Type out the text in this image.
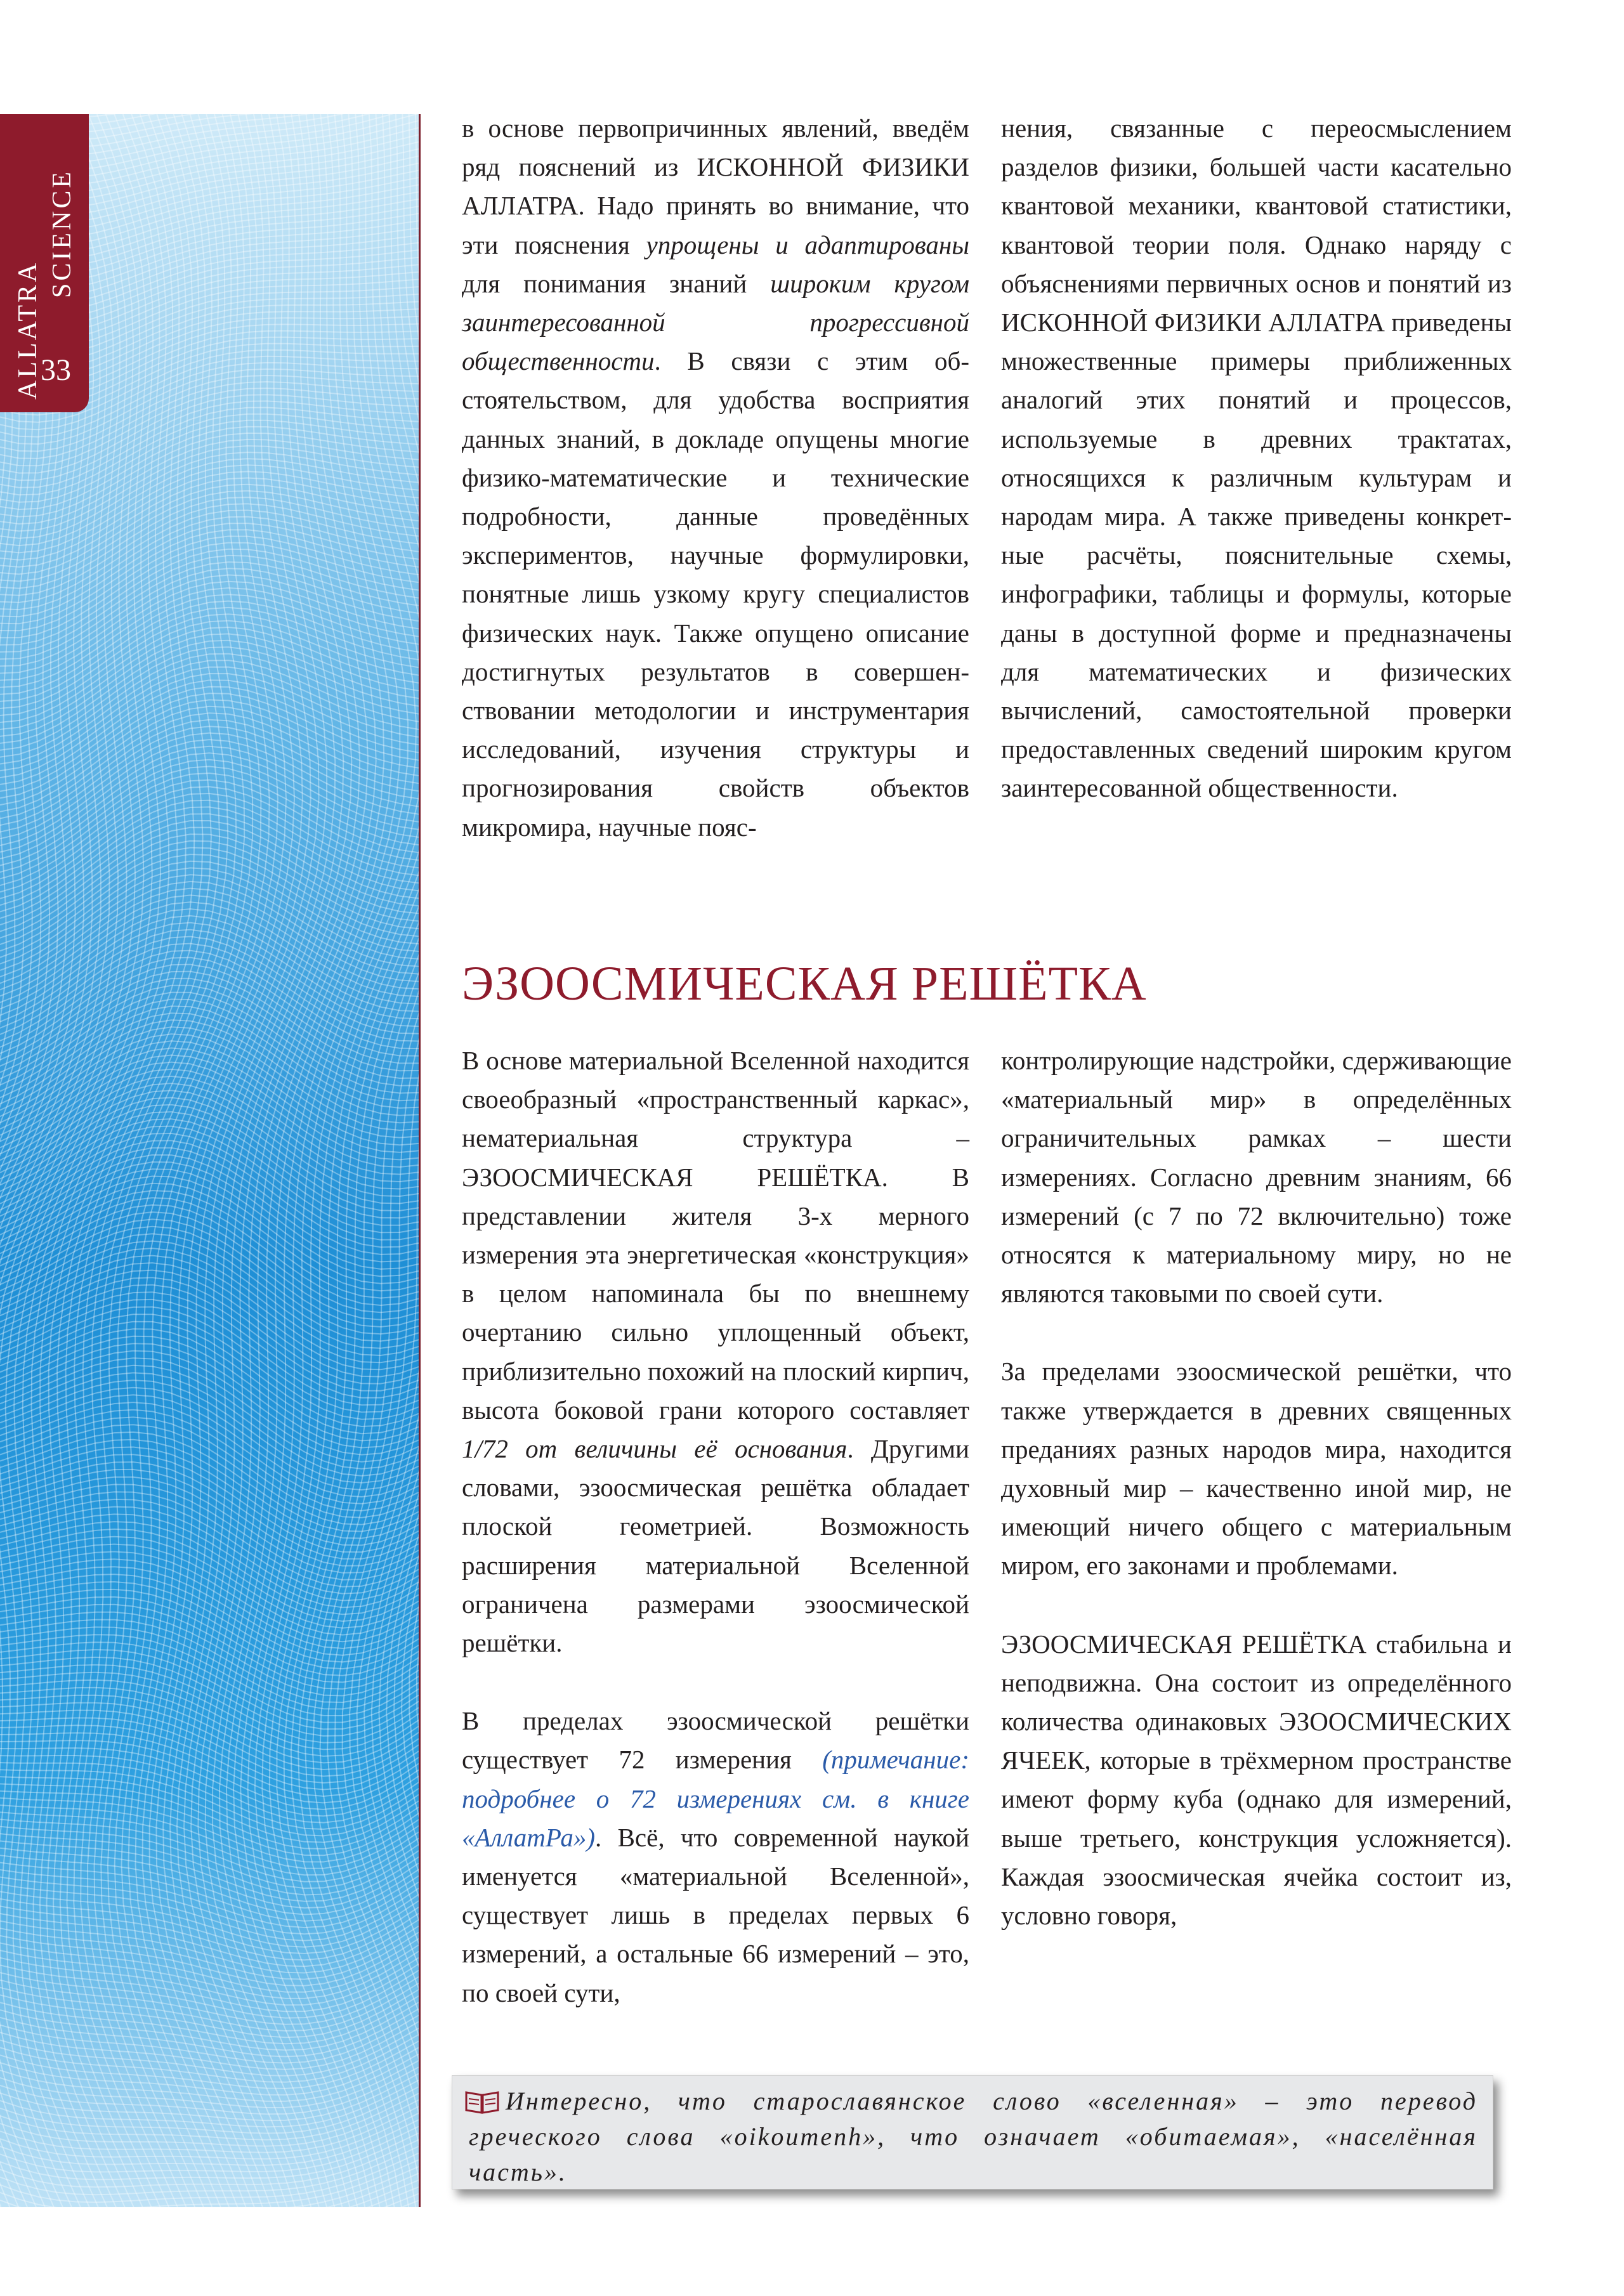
ALLATRA
SCIENCE
33

в основе первопричинных явлений, введём ряд пояснений из ИСКОННОЙ ФИЗИКИ АЛЛАТРА. Надо принять во внимание, что эти пояснения упрощены и адаптированы для понимания знаний широким кругом заинтересованной прогрессивной общественности. В связи с этим обстоятельством, для удобства восприятия данных знаний, в докладе опущены многие физико-математические и технические подробности, данные проведённых экспериментов, научные формулировки, понятные лишь узкому кругу специалистов физических наук. Также опущено описание достигнутых результатов в совершенствовании методологии и инструментария исследований, изучения структуры и прогнозирования свойств объектов микромира, научные пояс-

нения, связанные с переосмыслением разделов физики, большей части касательно квантовой механики, квантовой статистики, квантовой теории поля. Однако наряду с объяснениями первичных основ и понятий из ИСКОННОЙ ФИЗИКИ АЛЛАТРА приведены множественные примеры приближенных аналогий этих понятий и процессов, используемые в древних трактатах, относящихся к различным культурам и народам мира. А также приведены конкретные расчёты, пояснительные схемы, инфографики, таблицы и формулы, которые даны в доступной форме и предназначены для математических и физических вычислений, самостоятельной проверки предоставленных сведений широким кругом заинтересованной общественности.

ЭЗООСМИЧЕСКАЯ РЕШЁТКА

В основе материальной Вселенной находится своеобразный «пространственный каркас», нематериальная структура – ЭЗООСМИЧЕСКАЯ РЕШЁТКА. В представлении жителя 3-х мерного измерения эта энергетическая «конструкция» в целом напоминала бы по внешнему очертанию сильно уплощенный объект, приблизительно похожий на плоский кирпич, высота боковой грани которого составляет 1/72 от величины её основания. Другими словами, эзоосмическая решётка обладает плоской геометрией. Возможность расширения материальной Вселенной ограничена размерами эзоосмической решётки.

В пределах эзоосмической решётки существует 72 измерения (примечание: подробнее о 72 измерениях см. в книге «АллатРа»). Всё, что современной наукой именуется «материальной Вселенной», существует лишь в пределах первых 6 измерений, а остальные 66 измерений – это, по своей сути,

контролирующие надстройки, сдерживающие «материальный мир» в определённых ограничительных рамках – шести измерениях. Согласно древним знаниям, 66 измерений (с 7 по 72 включительно) тоже относятся к материальному миру, но не являются таковыми по своей сути.

За пределами эзоосмической решётки, что также утверждается в древних священных преданиях разных народов мира, находится духовный мир – качественно иной мир, не имеющий ничего общего с материальным миром, его законами и проблемами.

ЭЗООСМИЧЕСКАЯ РЕШЁТКА стабильна и неподвижна. Она состоит из определённого количества одинаковых ЭЗООСМИЧЕСКИХ ЯЧЕЕК, которые в трёхмерном пространстве имеют форму куба (однако для измерений, выше третьего, конструкция усложняется). Каждая эзоосмическая ячейка состоит из, условно говоря,

Интересно, что старославянское слово «вселенная» – это перевод греческого слова «oikoumenh», что означает «обитаемая», «населённая часть».
